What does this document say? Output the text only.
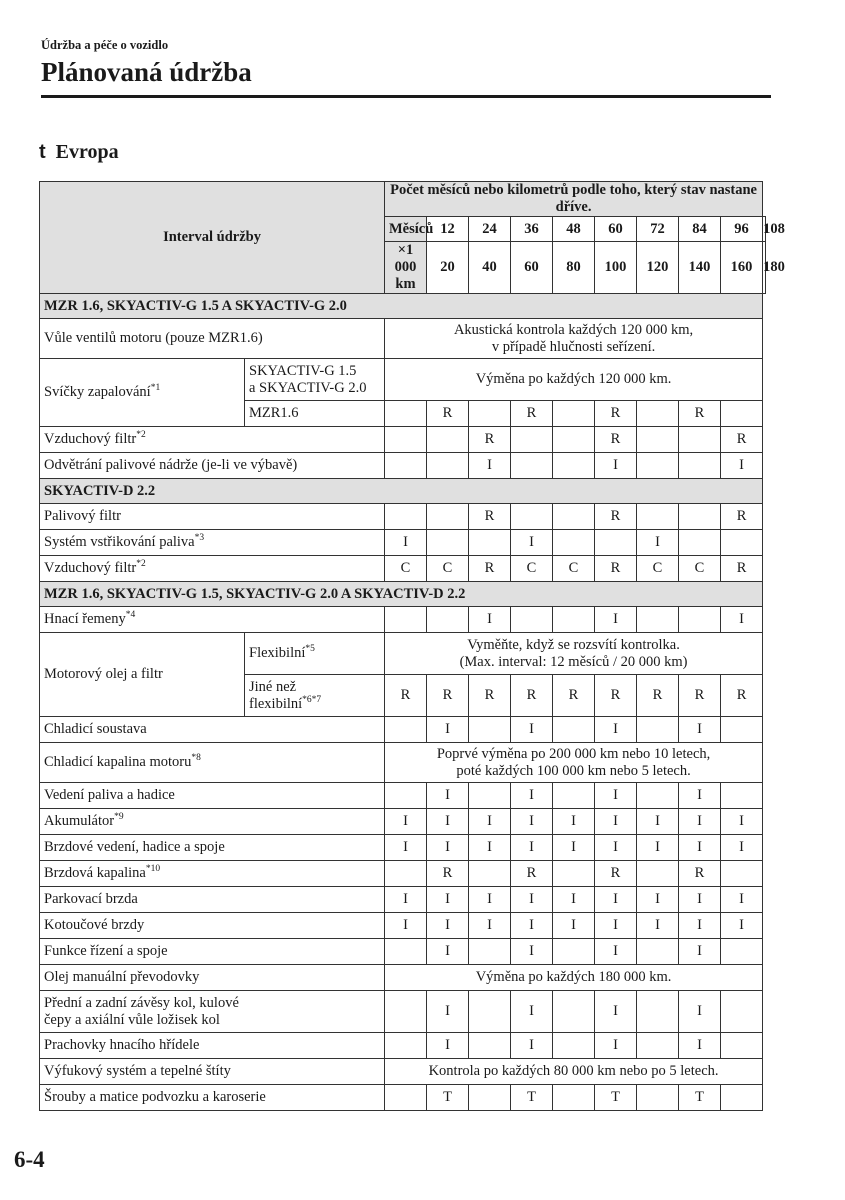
Údržba a péče o vozidlo
Plánovaná údržba
t Evropa
Interval údržby		Počet měsíců nebo kilometrů podle toho, který stav nastane dříve.									
		Měsíců	12	24	36	48	60	72	84	96	108
		×1 000 km	20	40	60	80	100	120	140	160	180
MZR 1.6, SKYACTIV-G 1.5 A SKYACTIV-G 2.0											
Vůle ventilů motoru (pouze MZR1.6)		Akustická kontrola každých 120 000 km,
v případě hlučnosti seřízení.									
Svíčky zapalování$^{*1}$	SKYACTIV-G 1.5
a SKYACTIV-G 2.0	Výměna po každých 120 000 km.									
	MZR1.6		R		R		R		R		
Vzduchový filtr$^{*2}$				R			R			R	
Odvětrání palivové nádrže (je-li ve výbavě)				I			I			I	
SKYACTIV-D 2.2											
Palivový filtr				R			R			R	
Systém vstřikování paliva$^{*3}$		I			I			I			
Vzduchový filtr$^{*2}$		C	C	R	C	C	R	C	C	R	
MZR 1.6, SKYACTIV-G 1.5, SKYACTIV-G 2.0 A SKYACTIV-D 2.2											
Hnací řemeny$^{*4}$				I			I			I	
Motorový olej a filtr	Flexibilní$^{*5}$	Vyměňte, když se rozsvítí kontrolka.
(Max. interval: 12 měsíců / 20 000 km)									
	Jiné než
flexibilní$^{*6*7}$	R	R	R	R	R	R	R	R	R	
Chladicí soustava			I		I		I		I		
Chladicí kapalina motoru$^{*8}$		Poprvé výměna po 200 000 km nebo 10 letech,
poté každých 100 000 km nebo 5 letech.									
Vedení paliva a hadice			I		I		I		I		
Akumulátor$^{*9}$		I	I	I	I	I	I	I	I	I	
Brzdové vedení, hadice a spoje		I	I	I	I	I	I	I	I	I	
Brzdová kapalina$^{*10}$			R		R		R		R		
Parkovací brzda		I	I	I	I	I	I	I	I	I	
Kotoučové brzdy		I	I	I	I	I	I	I	I	I	
Funkce řízení a spoje			I		I		I		I		
Olej manuální převodovky		Výměna po každých 180 000 km.									
Přední a zadní závěsy kol, kulové
čepy a axiální vůle ložisek kol			I		I		I		I		
Prachovky hnacího hřídele			I		I		I		I		
Výfukový systém a tepelné štíty		Kontrola po každých 80 000 km nebo po 5 letech.									
Šrouby a matice podvozku a karoserie			T		T		T		T		
6-4
